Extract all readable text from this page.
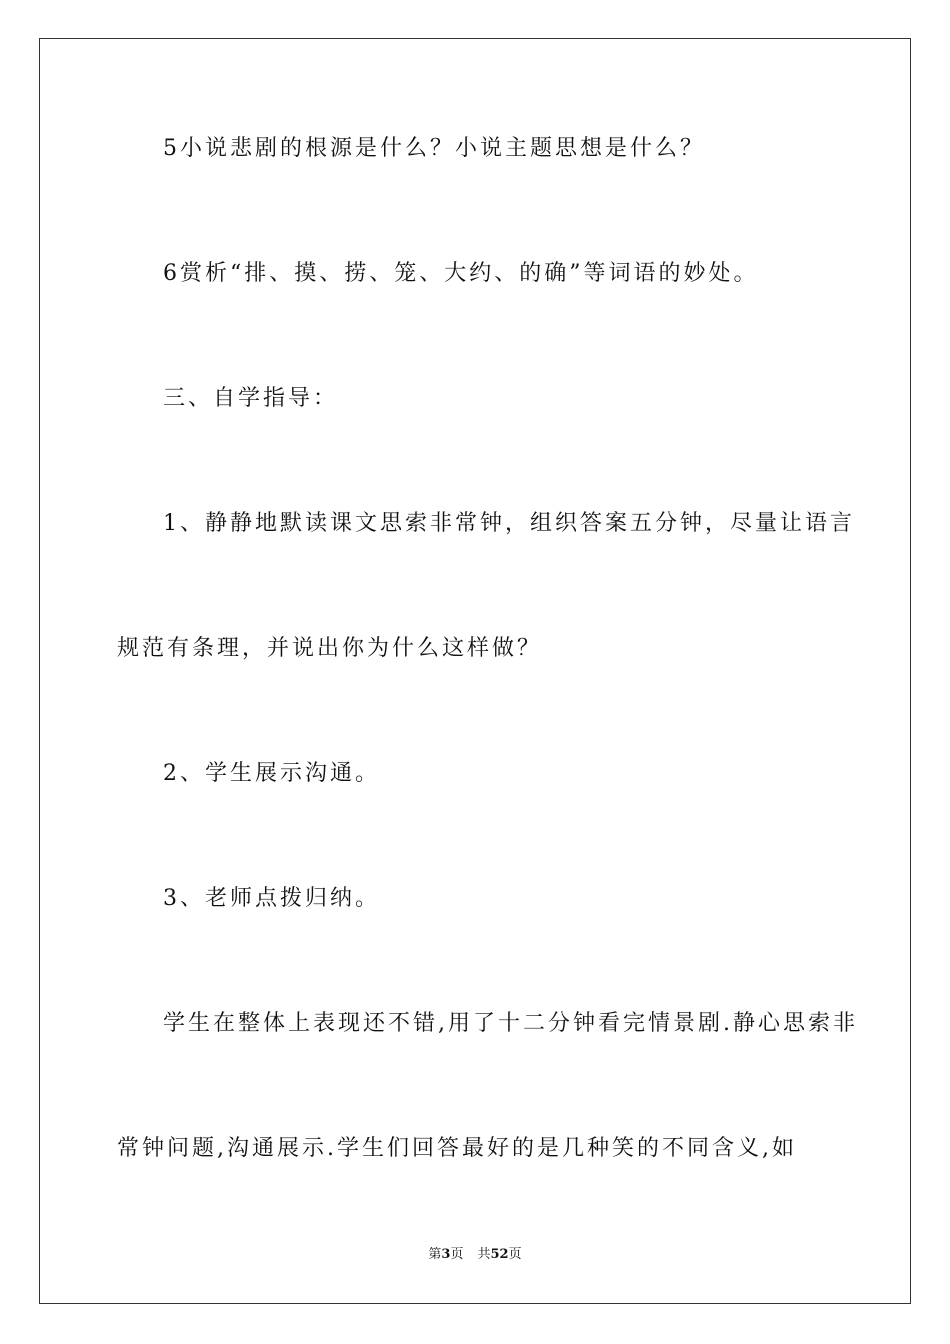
5小说悲剧的根源是什么？小说主题思想是什么？
6赏析“排、摸、捞、笼、大约、的确”等词语的妙处。
三、自学指导：
1、静静地默读课文思索非常钟，组织答案五分钟，尽量让语言
规范有条理，并说出你为什么这样做？
2、学生展示沟通。
3、老师点拨归纳。
学生在整体上表现还不错,用了十二分钟看完情景剧.静心思索非
常钟问题,沟通展示.学生们回答最好的是几种笑的不同含义,如
第3页 共52页
